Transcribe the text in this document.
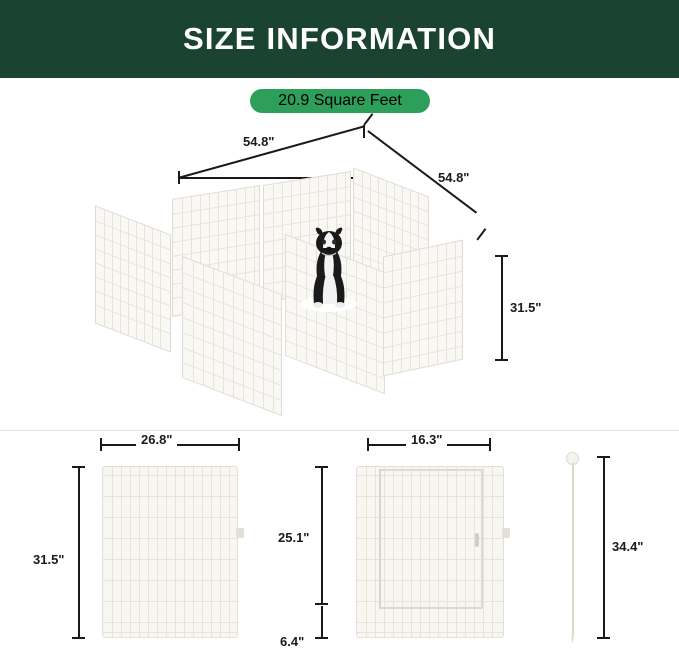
SIZE INFORMATION
20.9 Square Feet
54.8"
54.8"
31.5"
26.8"
31.5"
16.3"
25.1"
6.4"
34.4"
